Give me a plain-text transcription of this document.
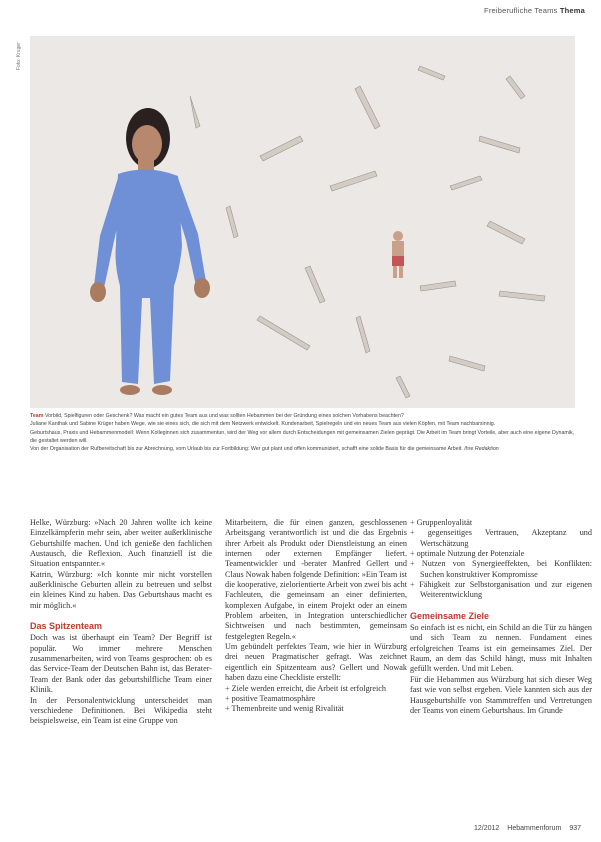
Freiberufliche Teams Thema
Foto: Kruger

Team Vorbild, Spielfiguren oder Geschenk? Was macht ein gutes Team aus und was sollten Hebammen bei der Gründung eines solchen Vorhabens beachten?

Juliane Kanthak und Sabine Krüger haben Wege, wie sie eines sich, die sich mit dem Netzwerk entwickelt. Kundenarbeit, Spielregeln und ein neues Team aus vielen Köpfen, mit Team nachbarsinnig.

Geburtshaus, Praxis und Hebammenmodell: Wenn Kolleginnen sich zusammentun, wird der Weg vor allem durch Entscheidungen mit gemeinsamen Zielen geprägt. Die Arbeit im Team bringt Vorteile, aber auch eine eigene Dynamik, die gestaltet werden will.

Von der Organisation der Rufbereitschaft bis zur Abrechnung, vom Urlaub bis zur Fortbildung: Wer gut plant und offen kommuniziert, schafft eine solide Basis für die gemeinsame Arbeit. Ihre Redaktion

Helke, Würzburg: »Nach 20 Jahren wollte ich keine Einzelkämpferin mehr sein, aber weiter außerklinische Geburtshilfe machen. Und ich genieße den fachlichen Austausch, die Reflexion. Auch finanziell ist die Situation entspannter.«

Katrin, Würzburg: »Ich konnte mir nicht vorstellen außerklinische Geburten allein zu betreuen und selbst ein kleines Kind zu haben. Das Geburtshaus macht es mir möglich.«

Das Spitzenteam

Doch was ist überhaupt ein Team? Der Begriff ist populär. Wo immer mehrere Menschen zusammenarbeiten, wird von Teams gesprochen: ob es das Service-Team der Deutschen Bahn ist, das Berater-Team der Bank oder das geburtshilfliche Team einer Klinik.

In der Personalentwicklung unterscheidet man verschiedene Definitionen. Bei Wikipedia steht beispielsweise, ein Team ist eine Gruppe von

Mitarbeitern, die für einen ganzen, geschlossenen Arbeitsgang verantwortlich ist und die das Ergebnis ihrer Arbeit als Produkt oder Dienstleistung an einen internen oder externen Empfänger liefert. Teamentwickler und -berater Manfred Gellert und Claus Nowak haben folgende Definition: »Ein Team ist die kooperative, zielorientierte Arbeit von zwei bis acht Fachleuten, die gemeinsam an einer definierten, komplexen Aufgabe, in einem Projekt oder an einem Problem arbeiten, in Integration unterschiedlicher Sichtweisen und nach bestimmten, gemeinsam festgelegten Regeln.«

Um gebündelt perfektes Team, wie hier in Würzburg drei neuen Pragmatischer gefragt. Was zeichnet eigentlich ein Spitzenteam aus? Gellert und Nowak haben dazu eine Checkliste erstellt:

+ Ziele werden erreicht, die Arbeit ist erfolgreich
+ positive Teamatmosphäre
+ Themenbreite und wenig Rivalität
+ Gruppenloyalität
+ gegenseitiges Vertrauen, Akzeptanz und Wertschätzung
+ optimale Nutzung der Potenziale
+ Nutzen von Synergieeffekten, bei Konflikten: Suchen konstruktiver Kompromisse
+ Fähigkeit zur Selbstorganisation und zur eigenen Weiterentwicklung
Gemeinsame Ziele

So einfach ist es nicht, ein Schild an die Tür zu hängen und sich Team zu nennen. Fundament eines erfolgreichen Teams ist ein gemeinsames Ziel. Der Raum, an dem das Schild hängt, muss mit Inhalten gefüllt werden. Und mit Leben.

Für die Hebammen aus Würzburg hat sich dieser Weg fast wie von selbst ergeben. Viele kannten sich aus der Hausgeburtshilfe von Stammtreffen und Vertretungen der Teams von einem Geburtshaus. Im Grunde

12/2012 Hebammenforum 937
